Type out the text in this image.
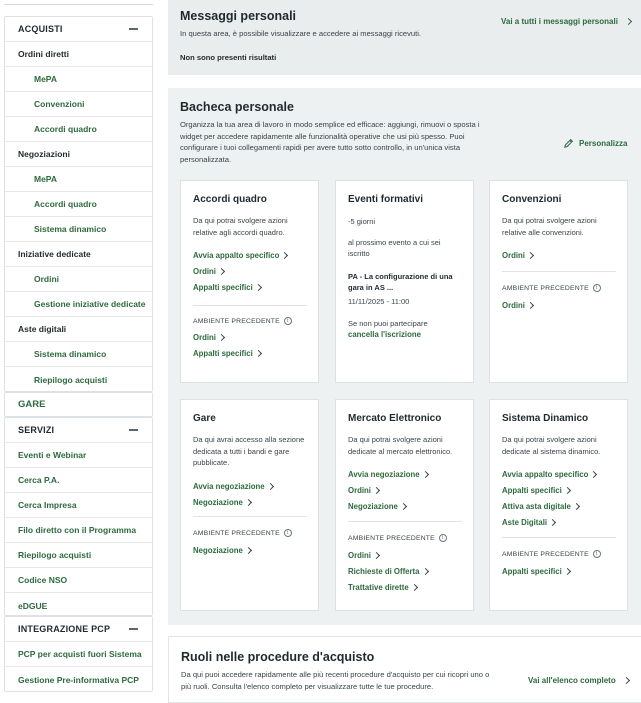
ACQUISTI
Ordini diretti
MePA
Convenzioni
Accordi quadro
Negoziazioni
MePA
Accordi quadro
Sistema dinamico
Iniziative dedicate
Ordini
Gestione iniziative dedicate
Aste digitali
Sistema dinamico
Riepilogo acquisti
GARE
SERVIZI
Eventi e Webinar
Cerca P.A.
Cerca Impresa
Filo diretto con il Programma
Riepilogo acquisti
Codice NSO
eDGUE
INTEGRAZIONE PCP
PCP per acquisti fuori Sistema
Gestione Pre-informativa PCP
Messaggi personali
In questa area, è possibile visualizzare e accedere ai messaggi ricevuti.
Non sono presenti risultati
Vai a tutti i messaggi personali
Bacheca personale
Organizza la tua area di lavoro in modo semplice ed efficace: aggiungi, rimuovi o sposta i widget per accedere rapidamente alle funzionalità operative che usi più spesso. Puoi configurare i tuoi collegamenti rapidi per avere tutto sotto controllo, in un'unica vista personalizzata.
Personalizza
Accordi quadro
Da qui potrai svolgere azioni relative agli accordi quadro.
Avvia appalto specifico
Ordini
Appalti specifici
AMBIENTE PRECEDENTE	i
Ordini
Appalti specifici
Eventi formativi
-5 giorni
al prossimo evento a cui sei iscritto
PA - La configurazione di una gara in AS ...
11/11/2025 - 11:00
Se non puoi partecipare
cancella l'iscrizione
Convenzioni
Da qui potrai svolgere azioni relative alle convenzioni.
Ordini
AMBIENTE PRECEDENTE	i
Ordini
Gare
Da qui avrai accesso alla sezione dedicata a tutti i bandi e gare pubblicate.
Avvia negoziazione
Negoziazione
AMBIENTE PRECEDENTE	i
Negoziazione
Mercato Elettronico
Da qui potrai svolgere azioni dedicate al mercato elettronico.
Avvia negoziazione
Ordini
Negoziazione
AMBIENTE PRECEDENTE	i
Ordini
Richieste di Offerta
Trattative dirette
Sistema Dinamico
Da qui potrai svolgere azioni dedicate al sistema dinamico.
Avvia appalto specifico
Appalti specifici
Attiva asta digitale
Aste Digitali
AMBIENTE PRECEDENTE	i
Appalti specifici
Ruoli nelle procedure d'acquisto
Da qui puoi accedere rapidamente alle più recenti procedure d'acquisto per cui ricopri uno o più ruoli. Consulta l'elenco completo per visualizzare tutte le tue procedure.
Vai all'elenco completo
